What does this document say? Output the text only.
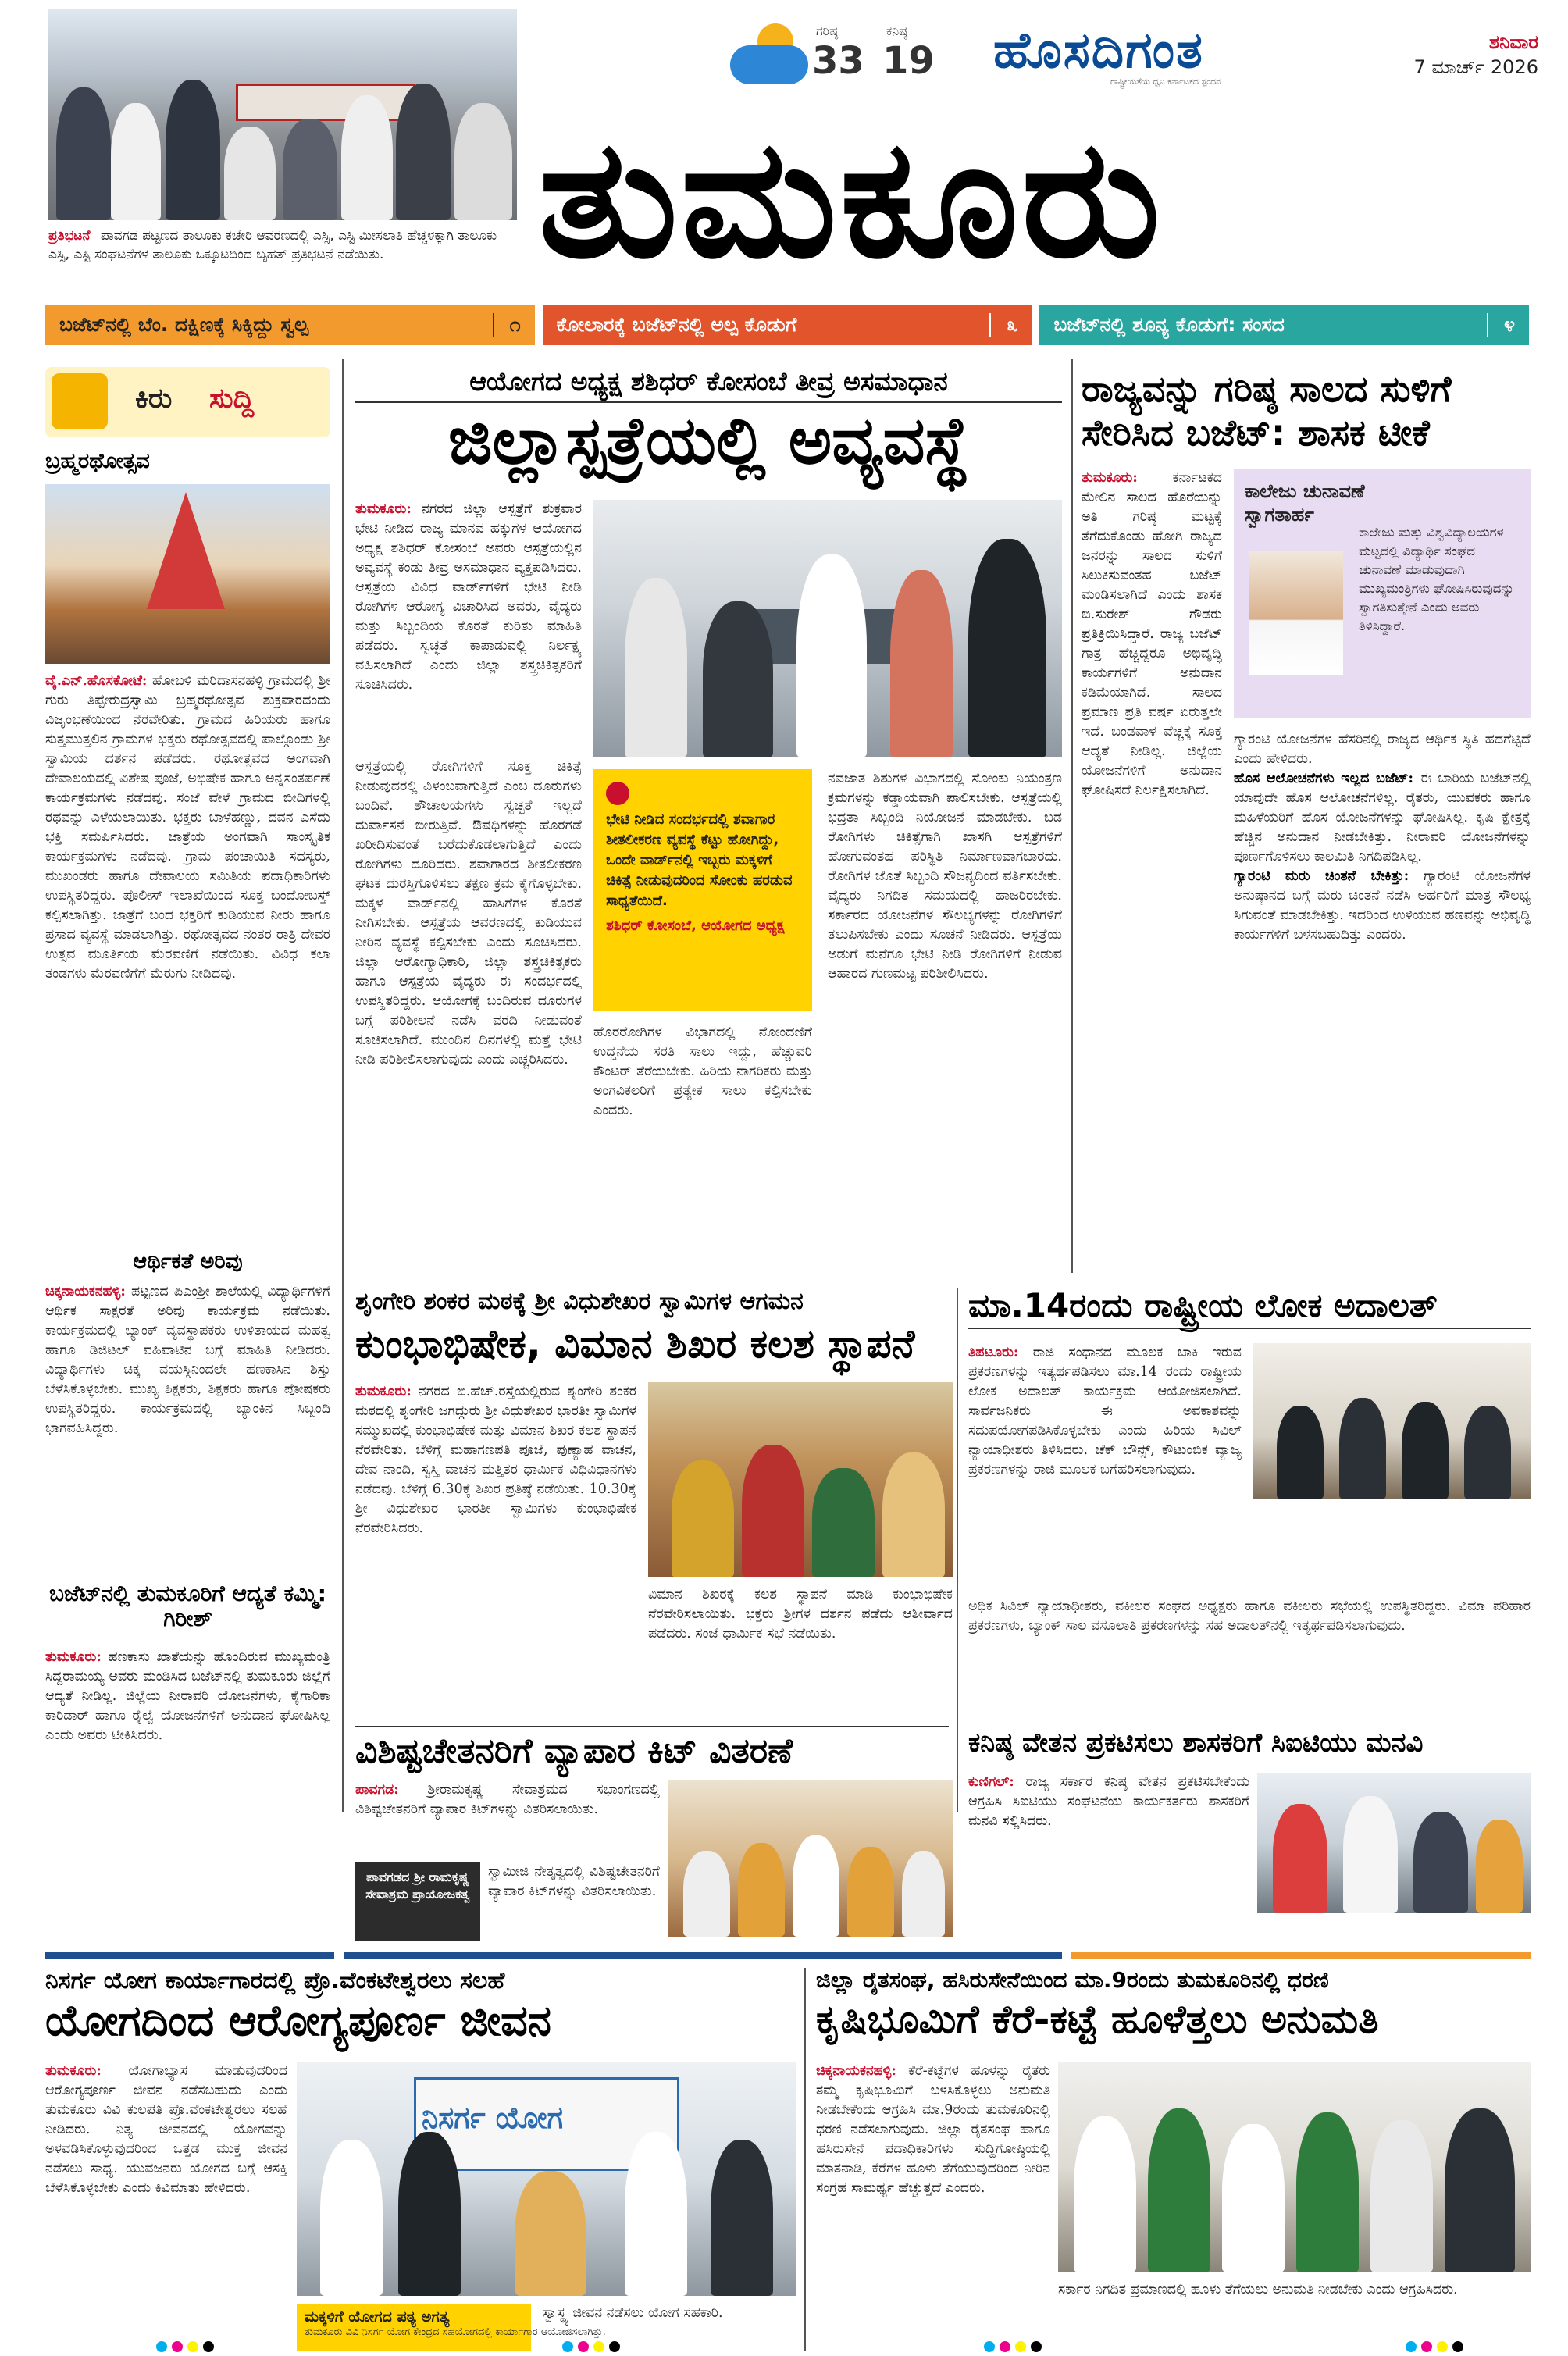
ಪ್ರತಿಭಟನೆ ಪಾವಗಡ ಪಟ್ಟಣದ ತಾಲೂಕು ಕಚೇರಿ ಆವರಣದಲ್ಲಿ ಎಸ್ಸಿ, ಎಸ್ಟಿ ಮೀಸಲಾತಿ ಹೆಚ್ಚಳಕ್ಕಾಗಿ ತಾಲೂಕು ಎಸ್ಸಿ, ಎಸ್ಟಿ ಸಂಘಟನೆಗಳ ತಾಲೂಕು ಒಕ್ಕೂಟದಿಂದ ಬೃಹತ್ ಪ್ರತಿಭಟನೆ ನಡೆಯಿತು.
ಗರಿಷ್ಠ
33
ಕನಿಷ್ಠ
19 ಹೊಸದಿಗಂತ
ರಾಷ್ಟ್ರೀಯತೆಯ ಧ್ವನಿ ಕರ್ನಾಟಕದ ಸ್ಪಂದನ
ಶನಿವಾರ
7 ಮಾರ್ಚ್ 2026
ತುಮಕೂರು
ಬಜೆಟ್‌ನಲ್ಲಿ ಬೆಂ. ದಕ್ಷಿಣಕ್ಕೆ ಸಿಕ್ಕಿದ್ದು ಸ್ವಲ್ಪ	೧ ಕೋಲಾರಕ್ಕೆ ಬಜೆಟ್‌ನಲ್ಲಿ ಅಲ್ಪ ಕೊಡುಗೆ	೩ ಬಜೆಟ್‌ನಲ್ಲಿ ಶೂನ್ಯ ಕೊಡುಗೆ: ಸಂಸದ	೪
ಕಿರು ಸುದ್ದಿ
ಬ್ರಹ್ಮರಥೋತ್ಸವ
ವೈ.ಎನ್.ಹೊಸಕೋಟೆ: ಹೋಬಳಿ ಮರಿದಾಸನಹಳ್ಳಿ ಗ್ರಾಮದಲ್ಲಿ ಶ್ರೀ ಗುರು ತಿಪ್ಪೇರುದ್ರಸ್ವಾಮಿ ಬ್ರಹ್ಮರಥೋತ್ಸವ ಶುಕ್ರವಾರದಂದು ವಿಜೃಂಭಣೆಯಿಂದ ನೆರವೇರಿತು. ಗ್ರಾಮದ ಹಿರಿಯರು ಹಾಗೂ ಸುತ್ತಮುತ್ತಲಿನ ಗ್ರಾಮಗಳ ಭಕ್ತರು ರಥೋತ್ಸವದಲ್ಲಿ ಪಾಲ್ಗೊಂಡು ಶ್ರೀ ಸ್ವಾಮಿಯ ದರ್ಶನ ಪಡೆದರು. ರಥೋತ್ಸವದ ಅಂಗವಾಗಿ ದೇವಾಲಯದಲ್ಲಿ ವಿಶೇಷ ಪೂಜೆ, ಅಭಿಷೇಕ ಹಾಗೂ ಅನ್ನಸಂತರ್ಪಣೆ ಕಾರ್ಯಕ್ರಮಗಳು ನಡೆದವು. ಸಂಜೆ ವೇಳೆ ಗ್ರಾಮದ ಬೀದಿಗಳಲ್ಲಿ ರಥವನ್ನು ಎಳೆಯಲಾಯಿತು. ಭಕ್ತರು ಬಾಳೆಹಣ್ಣು, ದವನ ಎಸೆದು ಭಕ್ತಿ ಸಮರ್ಪಿಸಿದರು. ಜಾತ್ರೆಯ ಅಂಗವಾಗಿ ಸಾಂಸ್ಕೃತಿಕ ಕಾರ್ಯಕ್ರಮಗಳು ನಡೆದವು. ಗ್ರಾಮ ಪಂಚಾಯಿತಿ ಸದಸ್ಯರು, ಮುಖಂಡರು ಹಾಗೂ ದೇವಾಲಯ ಸಮಿತಿಯ ಪದಾಧಿಕಾರಿಗಳು ಉಪಸ್ಥಿತರಿದ್ದರು. ಪೊಲೀಸ್ ಇಲಾಖೆಯಿಂದ ಸೂಕ್ತ ಬಂದೋಬಸ್ತ್ ಕಲ್ಪಿಸಲಾಗಿತ್ತು. ಜಾತ್ರೆಗೆ ಬಂದ ಭಕ್ತರಿಗೆ ಕುಡಿಯುವ ನೀರು ಹಾಗೂ ಪ್ರಸಾದ ವ್ಯವಸ್ಥೆ ಮಾಡಲಾಗಿತ್ತು. ರಥೋತ್ಸವದ ನಂತರ ರಾತ್ರಿ ದೇವರ ಉತ್ಸವ ಮೂರ್ತಿಯ ಮೆರವಣಿಗೆ ನಡೆಯಿತು. ವಿವಿಧ ಕಲಾ ತಂಡಗಳು ಮೆರವಣಿಗೆಗೆ ಮೆರುಗು ನೀಡಿದವು.
ಆರ್ಥಿಕತೆ ಅರಿವು
ಚಿಕ್ಕನಾಯಕನಹಳ್ಳಿ: ಪಟ್ಟಣದ ಪಿಎಂಶ್ರೀ ಶಾಲೆಯಲ್ಲಿ ವಿದ್ಯಾರ್ಥಿಗಳಿಗೆ ಆರ್ಥಿಕ ಸಾಕ್ಷರತೆ ಅರಿವು ಕಾರ್ಯಕ್ರಮ ನಡೆಯಿತು. ಕಾರ್ಯಕ್ರಮದಲ್ಲಿ ಬ್ಯಾಂಕ್ ವ್ಯವಸ್ಥಾಪಕರು ಉಳಿತಾಯದ ಮಹತ್ವ ಹಾಗೂ ಡಿಜಿಟಲ್ ವಹಿವಾಟಿನ ಬಗ್ಗೆ ಮಾಹಿತಿ ನೀಡಿದರು. ವಿದ್ಯಾರ್ಥಿಗಳು ಚಿಕ್ಕ ವಯಸ್ಸಿನಿಂದಲೇ ಹಣಕಾಸಿನ ಶಿಸ್ತು ಬೆಳೆಸಿಕೊಳ್ಳಬೇಕು. ಮುಖ್ಯ ಶಿಕ್ಷಕರು, ಶಿಕ್ಷಕರು ಹಾಗೂ ಪೋಷಕರು ಉಪಸ್ಥಿತರಿದ್ದರು. ಕಾರ್ಯಕ್ರಮದಲ್ಲಿ ಬ್ಯಾಂಕಿನ ಸಿಬ್ಬಂದಿ ಭಾಗವಹಿಸಿದ್ದರು.
ಬಜೆಟ್‌ನಲ್ಲಿ ತುಮಕೂರಿಗೆ ಆದ್ಯತೆ ಕಮ್ಮಿ: ಗಿರೀಶ್
ತುಮಕೂರು: ಹಣಕಾಸು ಖಾತೆಯನ್ನು ಹೊಂದಿರುವ ಮುಖ್ಯಮಂತ್ರಿ ಸಿದ್ದರಾಮಯ್ಯ ಅವರು ಮಂಡಿಸಿದ ಬಜೆಟ್‌ನಲ್ಲಿ ತುಮಕೂರು ಜಿಲ್ಲೆಗೆ ಆದ್ಯತೆ ನೀಡಿಲ್ಲ. ಜಿಲ್ಲೆಯ ನೀರಾವರಿ ಯೋಜನೆಗಳು, ಕೈಗಾರಿಕಾ ಕಾರಿಡಾರ್ ಹಾಗೂ ರೈಲ್ವೆ ಯೋಜನೆಗಳಿಗೆ ಅನುದಾನ ಘೋಷಿಸಿಲ್ಲ ಎಂದು ಅವರು ಟೀಕಿಸಿದರು.
ಆಯೋಗದ ಅಧ್ಯಕ್ಷ ಶಶಿಧರ್ ಕೋಸಂಬೆ ತೀವ್ರ ಅಸಮಾಧಾನ
ಜಿಲ್ಲಾಸ್ಪತ್ರೆಯಲ್ಲಿ ಅವ್ಯವಸ್ಥೆ
ತುಮಕೂರು: ನಗರದ ಜಿಲ್ಲಾ ಆಸ್ಪತ್ರೆಗೆ ಶುಕ್ರವಾರ ಭೇಟಿ ನೀಡಿದ ರಾಜ್ಯ ಮಾನವ ಹಕ್ಕುಗಳ ಆಯೋಗದ ಅಧ್ಯಕ್ಷ ಶಶಿಧರ್ ಕೋಸಂಬೆ ಅವರು ಆಸ್ಪತ್ರೆಯಲ್ಲಿನ ಅವ್ಯವಸ್ಥೆ ಕಂಡು ತೀವ್ರ ಅಸಮಾಧಾನ ವ್ಯಕ್ತಪಡಿಸಿದರು. ಆಸ್ಪತ್ರೆಯ ವಿವಿಧ ವಾರ್ಡ್‌ಗಳಿಗೆ ಭೇಟಿ ನೀಡಿ ರೋಗಿಗಳ ಆರೋಗ್ಯ ವಿಚಾರಿಸಿದ ಅವರು, ವೈದ್ಯರು ಮತ್ತು ಸಿಬ್ಬಂದಿಯ ಕೊರತೆ ಕುರಿತು ಮಾಹಿತಿ ಪಡೆದರು. ಸ್ವಚ್ಛತೆ ಕಾಪಾಡುವಲ್ಲಿ ನಿರ್ಲಕ್ಷ್ಯ ವಹಿಸಲಾಗಿದೆ ಎಂದು ಜಿಲ್ಲಾ ಶಸ್ತ್ರಚಿಕಿತ್ಸಕರಿಗೆ ಸೂಚಿಸಿದರು.
ಆಸ್ಪತ್ರೆಯಲ್ಲಿ ರೋಗಿಗಳಿಗೆ ಸೂಕ್ತ ಚಿಕಿತ್ಸೆ ನೀಡುವುದರಲ್ಲಿ ವಿಳಂಬವಾಗುತ್ತಿದೆ ಎಂಬ ದೂರುಗಳು ಬಂದಿವೆ. ಶೌಚಾಲಯಗಳು ಸ್ವಚ್ಛತೆ ಇಲ್ಲದೆ ದುರ್ವಾಸನೆ ಬೀರುತ್ತಿವೆ. ಔಷಧಿಗಳನ್ನು ಹೊರಗಡೆ ಖರೀದಿಸುವಂತೆ ಬರೆದುಕೊಡಲಾಗುತ್ತಿದೆ ಎಂದು ರೋಗಿಗಳು ದೂರಿದರು. ಶವಾಗಾರದ ಶೀತಲೀಕರಣ ಘಟಕ ದುರಸ್ತಿಗೊಳಿಸಲು ತಕ್ಷಣ ಕ್ರಮ ಕೈಗೊಳ್ಳಬೇಕು. ಮಕ್ಕಳ ವಾರ್ಡ್‌ನಲ್ಲಿ ಹಾಸಿಗೆಗಳ ಕೊರತೆ ನೀಗಿಸಬೇಕು. ಆಸ್ಪತ್ರೆಯ ಆವರಣದಲ್ಲಿ ಕುಡಿಯುವ ನೀರಿನ ವ್ಯವಸ್ಥೆ ಕಲ್ಪಿಸಬೇಕು ಎಂದು ಸೂಚಿಸಿದರು. ಜಿಲ್ಲಾ ಆರೋಗ್ಯಾಧಿಕಾರಿ, ಜಿಲ್ಲಾ ಶಸ್ತ್ರಚಿಕಿತ್ಸಕರು ಹಾಗೂ ಆಸ್ಪತ್ರೆಯ ವೈದ್ಯರು ಈ ಸಂದರ್ಭದಲ್ಲಿ ಉಪಸ್ಥಿತರಿದ್ದರು. ಆಯೋಗಕ್ಕೆ ಬಂದಿರುವ ದೂರುಗಳ ಬಗ್ಗೆ ಪರಿಶೀಲನೆ ನಡೆಸಿ ವರದಿ ನೀಡುವಂತೆ ಸೂಚಿಸಲಾಗಿದೆ. ಮುಂದಿನ ದಿನಗಳಲ್ಲಿ ಮತ್ತೆ ಭೇಟಿ ನೀಡಿ ಪರಿಶೀಲಿಸಲಾಗುವುದು ಎಂದು ಎಚ್ಚರಿಸಿದರು.
ಭೇಟಿ ನೀಡಿದ ಸಂದರ್ಭದಲ್ಲಿ ಶವಾಗಾರ ಶೀತಲೀಕರಣ ವ್ಯವಸ್ಥೆ ಕೆಟ್ಟು ಹೋಗಿದ್ದು, ಒಂದೇ ವಾರ್ಡ್‌ನಲ್ಲಿ ಇಬ್ಬರು ಮಕ್ಕಳಿಗೆ ಚಿಕಿತ್ಸೆ ನೀಡುವುದರಿಂದ ಸೋಂಕು ಹರಡುವ ಸಾಧ್ಯತೆಯಿದೆ.
ಶಶಿಧರ್ ಕೋಸಂಬೆ, ಆಯೋಗದ ಅಧ್ಯಕ್ಷ
ನವಜಾತ ಶಿಶುಗಳ ವಿಭಾಗದಲ್ಲಿ ಸೋಂಕು ನಿಯಂತ್ರಣ ಕ್ರಮಗಳನ್ನು ಕಡ್ಡಾಯವಾಗಿ ಪಾಲಿಸಬೇಕು. ಆಸ್ಪತ್ರೆಯಲ್ಲಿ ಭದ್ರತಾ ಸಿಬ್ಬಂದಿ ನಿಯೋಜನೆ ಮಾಡಬೇಕು. ಬಡ ರೋಗಿಗಳು ಚಿಕಿತ್ಸೆಗಾಗಿ ಖಾಸಗಿ ಆಸ್ಪತ್ರೆಗಳಿಗೆ ಹೋಗುವಂತಹ ಪರಿಸ್ಥಿತಿ ನಿರ್ಮಾಣವಾಗಬಾರದು. ರೋಗಿಗಳ ಜೊತೆ ಸಿಬ್ಬಂದಿ ಸೌಜನ್ಯದಿಂದ ವರ್ತಿಸಬೇಕು. ವೈದ್ಯರು ನಿಗದಿತ ಸಮಯದಲ್ಲಿ ಹಾಜರಿರಬೇಕು. ಸರ್ಕಾರದ ಯೋಜನೆಗಳ ಸೌಲಭ್ಯಗಳನ್ನು ರೋಗಿಗಳಿಗೆ ತಲುಪಿಸಬೇಕು ಎಂದು ಸೂಚನೆ ನೀಡಿದರು. ಆಸ್ಪತ್ರೆಯ ಅಡುಗೆ ಮನೆಗೂ ಭೇಟಿ ನೀಡಿ ರೋಗಿಗಳಿಗೆ ನೀಡುವ ಆಹಾರದ ಗುಣಮಟ್ಟ ಪರಿಶೀಲಿಸಿದರು.
ಹೊರರೋಗಿಗಳ ವಿಭಾಗದಲ್ಲಿ ನೋಂದಣಿಗೆ ಉದ್ದನೆಯ ಸರತಿ ಸಾಲು ಇದ್ದು, ಹೆಚ್ಚುವರಿ ಕೌಂಟರ್ ತೆರೆಯಬೇಕು. ಹಿರಿಯ ನಾಗರಿಕರು ಮತ್ತು ಅಂಗವಿಕಲರಿಗೆ ಪ್ರತ್ಯೇಕ ಸಾಲು ಕಲ್ಪಿಸಬೇಕು ಎಂದರು.
ರಾಜ್ಯವನ್ನು ಗರಿಷ್ಠ ಸಾಲದ ಸುಳಿಗೆ ಸೇರಿಸಿದ ಬಜೆಟ್: ಶಾಸಕ ಟೀಕೆ
ತುಮಕೂರು:	ಕರ್ನಾಟಕದ ಮೇಲಿನ ಸಾಲದ ಹೊರೆಯನ್ನು ಅತಿ ಗರಿಷ್ಠ ಮಟ್ಟಕ್ಕೆ ತೆಗೆದುಕೊಂಡು ಹೋಗಿ ರಾಜ್ಯದ ಜನರನ್ನು ಸಾಲದ ಸುಳಿಗೆ ಸಿಲುಕಿಸುವಂತಹ ಬಜೆಟ್ ಮಂಡಿಸಲಾಗಿದೆ ಎಂದು ಶಾಸಕ ಬಿ.ಸುರೇಶ್ ಗೌಡರು ಪ್ರತಿಕ್ರಿಯಿಸಿದ್ದಾರೆ. ರಾಜ್ಯ ಬಜೆಟ್ ಗಾತ್ರ ಹೆಚ್ಚಿದ್ದರೂ ಅಭಿವೃದ್ಧಿ ಕಾರ್ಯಗಳಿಗೆ ಅನುದಾನ ಕಡಿಮೆಯಾಗಿದೆ. ಸಾಲದ ಪ್ರಮಾಣ ಪ್ರತಿ ವರ್ಷ ಏರುತ್ತಲೇ ಇದೆ. ಬಂಡವಾಳ ವೆಚ್ಚಕ್ಕೆ ಸೂಕ್ತ ಆದ್ಯತೆ ನೀಡಿಲ್ಲ. ಜಿಲ್ಲೆಯ ಯೋಜನೆಗಳಿಗೆ ಅನುದಾನ ಘೋಷಿಸದೆ ನಿರ್ಲಕ್ಷಿಸಲಾಗಿದೆ.
ಕಾಲೇಜು ಚುನಾವಣೆ ಸ್ವಾಗತಾರ್ಹ
ಕಾಲೇಜು ಮತ್ತು ವಿಶ್ವವಿದ್ಯಾಲಯಗಳ ಮಟ್ಟದಲ್ಲಿ ವಿದ್ಯಾರ್ಥಿ ಸಂಘದ ಚುನಾವಣೆ ಮಾಡುವುದಾಗಿ ಮುಖ್ಯಮಂತ್ರಿಗಳು ಘೋಷಿಸಿರುವುದನ್ನು ಸ್ವಾಗತಿಸುತ್ತೇನೆ ಎಂದು ಅವರು ತಿಳಿಸಿದ್ದಾರೆ.
ಗ್ಯಾರಂಟಿ ಯೋಜನೆಗಳ ಹೆಸರಿನಲ್ಲಿ ರಾಜ್ಯದ ಆರ್ಥಿಕ ಸ್ಥಿತಿ ಹದಗೆಟ್ಟಿದೆ ಎಂದು ಹೇಳಿದರು.
ಹೊಸ ಆಲೋಚನೆಗಳು ಇಲ್ಲದ ಬಜೆಟ್: ಈ ಬಾರಿಯ ಬಜೆಟ್‌ನಲ್ಲಿ ಯಾವುದೇ ಹೊಸ ಆಲೋಚನೆಗಳಿಲ್ಲ. ರೈತರು, ಯುವಕರು ಹಾಗೂ ಮಹಿಳೆಯರಿಗೆ ಹೊಸ ಯೋಜನೆಗಳನ್ನು ಘೋಷಿಸಿಲ್ಲ. ಕೃಷಿ ಕ್ಷೇತ್ರಕ್ಕೆ ಹೆಚ್ಚಿನ ಅನುದಾನ ನೀಡಬೇಕಿತ್ತು. ನೀರಾವರಿ ಯೋಜನೆಗಳನ್ನು ಪೂರ್ಣಗೊಳಿಸಲು ಕಾಲಮಿತಿ ನಿಗದಿಪಡಿಸಿಲ್ಲ.
ಗ್ಯಾರಂಟಿ ಮರು ಚಿಂತನೆ ಬೇಕಿತ್ತು: ಗ್ಯಾರಂಟಿ ಯೋಜನೆಗಳ ಅನುಷ್ಠಾನದ ಬಗ್ಗೆ ಮರು ಚಿಂತನೆ ನಡೆಸಿ ಅರ್ಹರಿಗೆ ಮಾತ್ರ ಸೌಲಭ್ಯ ಸಿಗುವಂತೆ ಮಾಡಬೇಕಿತ್ತು. ಇದರಿಂದ ಉಳಿಯುವ ಹಣವನ್ನು ಅಭಿವೃದ್ಧಿ ಕಾರ್ಯಗಳಿಗೆ ಬಳಸಬಹುದಿತ್ತು ಎಂದರು.
ಶೃಂಗೇರಿ ಶಂಕರ ಮಠಕ್ಕೆ ಶ್ರೀ ವಿಧುಶೇಖರ ಸ್ವಾಮಿಗಳ ಆಗಮನ
ಕುಂಭಾಭಿಷೇಕ, ವಿಮಾನ ಶಿಖರ ಕಲಶ ಸ್ಥಾಪನೆ
ತುಮಕೂರು: ನಗರದ ಬಿ.ಹೆಚ್.ರಸ್ತೆಯಲ್ಲಿರುವ ಶೃಂಗೇರಿ ಶಂಕರ ಮಠದಲ್ಲಿ ಶೃಂಗೇರಿ ಜಗದ್ಗುರು ಶ್ರೀ ವಿಧುಶೇಖರ ಭಾರತೀ ಸ್ವಾಮಿಗಳ ಸಮ್ಮುಖದಲ್ಲಿ ಕುಂಭಾಭಿಷೇಕ ಮತ್ತು ವಿಮಾನ ಶಿಖರ ಕಲಶ ಸ್ಥಾಪನೆ ನೆರವೇರಿತು. ಬೆಳಿಗ್ಗೆ ಮಹಾಗಣಪತಿ ಪೂಜೆ, ಪುಣ್ಯಾಹ ವಾಚನ, ದೇವ ನಾಂದಿ, ಸ್ವಸ್ತಿ ವಾಚನ ಮತ್ತಿತರ ಧಾರ್ಮಿಕ ವಿಧಿವಿಧಾನಗಳು ನಡೆದವು. ಬೆಳಿಗ್ಗೆ 6.30ಕ್ಕೆ ಶಿಖರ ಪ್ರತಿಷ್ಠೆ ನಡೆಯಿತು. 10.30ಕ್ಕೆ ಶ್ರೀ ವಿಧುಶೇಖರ ಭಾರತೀ ಸ್ವಾಮಿಗಳು ಕುಂಭಾಭಿಷೇಕ ನೆರವೇರಿಸಿದರು.
ವಿಮಾನ ಶಿಖರಕ್ಕೆ ಕಲಶ ಸ್ಥಾಪನೆ ಮಾಡಿ ಕುಂಭಾಭಿಷೇಕ ನೆರವೇರಿಸಲಾಯಿತು. ಭಕ್ತರು ಶ್ರೀಗಳ ದರ್ಶನ ಪಡೆದು ಆಶೀರ್ವಾದ ಪಡೆದರು. ಸಂಜೆ ಧಾರ್ಮಿಕ ಸಭೆ ನಡೆಯಿತು.
ಮಾ.14ರಂದು ರಾಷ್ಟ್ರೀಯ ಲೋಕ ಅದಾಲತ್
ತಿಪಟೂರು: ರಾಜಿ ಸಂಧಾನದ ಮೂಲಕ ಬಾಕಿ ಇರುವ ಪ್ರಕರಣಗಳನ್ನು ಇತ್ಯರ್ಥಪಡಿಸಲು ಮಾ.14 ರಂದು ರಾಷ್ಟ್ರೀಯ ಲೋಕ ಅದಾಲತ್ ಕಾರ್ಯಕ್ರಮ ಆಯೋಜಿಸಲಾಗಿದೆ. ಸಾರ್ವಜನಿಕರು ಈ ಅವಕಾಶವನ್ನು ಸದುಪಯೋಗಪಡಿಸಿಕೊಳ್ಳಬೇಕು ಎಂದು ಹಿರಿಯ ಸಿವಿಲ್ ನ್ಯಾಯಾಧೀಶರು ತಿಳಿಸಿದರು. ಚೆಕ್ ಬೌನ್ಸ್, ಕೌಟುಂಬಿಕ ವ್ಯಾಜ್ಯ ಪ್ರಕರಣಗಳನ್ನು ರಾಜಿ ಮೂಲಕ ಬಗೆಹರಿಸಲಾಗುವುದು.
ಅಧಿಕ ಸಿವಿಲ್ ನ್ಯಾಯಾಧೀಶರು, ವಕೀಲರ ಸಂಘದ ಅಧ್ಯಕ್ಷರು ಹಾಗೂ ವಕೀಲರು ಸಭೆಯಲ್ಲಿ ಉಪಸ್ಥಿತರಿದ್ದರು. ವಿಮಾ ಪರಿಹಾರ ಪ್ರಕರಣಗಳು, ಬ್ಯಾಂಕ್ ಸಾಲ ವಸೂಲಾತಿ ಪ್ರಕರಣಗಳನ್ನು ಸಹ ಅದಾಲತ್‌ನಲ್ಲಿ ಇತ್ಯರ್ಥಪಡಿಸಲಾಗುವುದು.
ವಿಶಿಷ್ಟಚೇತನರಿಗೆ ವ್ಯಾಪಾರ ಕಿಟ್ ವಿತರಣೆ
ಪಾವಗಡ: ಶ್ರೀರಾಮಕೃಷ್ಣ ಸೇವಾಶ್ರಮದ ಸಭಾಂಗಣದಲ್ಲಿ ವಿಶಿಷ್ಟಚೇತನರಿಗೆ ವ್ಯಾಪಾರ ಕಿಟ್‌ಗಳನ್ನು ವಿತರಿಸಲಾಯಿತು.
ಪಾವಗಡದ ಶ್ರೀ ರಾಮಕೃಷ್ಣ ಸೇವಾಶ್ರಮ ಪ್ರಾಯೋಜಕತ್ವ
ಸ್ವಾಮೀಜಿ ನೇತೃತ್ವದಲ್ಲಿ ವಿಶಿಷ್ಟಚೇತನರಿಗೆ ವ್ಯಾಪಾರ ಕಿಟ್‌ಗಳನ್ನು ವಿತರಿಸಲಾಯಿತು.
ಕನಿಷ್ಠ ವೇತನ ಪ್ರಕಟಿಸಲು ಶಾಸಕರಿಗೆ ಸಿಐಟಿಯು ಮನವಿ
ಕುಣಿಗಲ್: ರಾಜ್ಯ ಸರ್ಕಾರ ಕನಿಷ್ಠ ವೇತನ ಪ್ರಕಟಿಸಬೇಕೆಂದು ಆಗ್ರಹಿಸಿ ಸಿಐಟಿಯು ಸಂಘಟನೆಯ ಕಾರ್ಯಕರ್ತರು ಶಾಸಕರಿಗೆ ಮನವಿ ಸಲ್ಲಿಸಿದರು.
ನಿಸರ್ಗ ಯೋಗ ಕಾರ್ಯಾಗಾರದಲ್ಲಿ ಪ್ರೊ.ವೆಂಕಟೇಶ್ವರಲು ಸಲಹೆ
ಯೋಗದಿಂದ ಆರೋಗ್ಯಪೂರ್ಣ ಜೀವನ
ತುಮಕೂರು: ಯೋಗಾಭ್ಯಾಸ ಮಾಡುವುದರಿಂದ ಆರೋಗ್ಯಪೂರ್ಣ ಜೀವನ ನಡೆಸಬಹುದು ಎಂದು ತುಮಕೂರು ವಿವಿ ಕುಲಪತಿ ಪ್ರೊ.ವೆಂಕಟೇಶ್ವರಲು ಸಲಹೆ ನೀಡಿದರು. ನಿತ್ಯ ಜೀವನದಲ್ಲಿ ಯೋಗವನ್ನು ಅಳವಡಿಸಿಕೊಳ್ಳುವುದರಿಂದ ಒತ್ತಡ ಮುಕ್ತ ಜೀವನ ನಡೆಸಲು ಸಾಧ್ಯ. ಯುವಜನರು ಯೋಗದ ಬಗ್ಗೆ ಆಸಕ್ತಿ ಬೆಳೆಸಿಕೊಳ್ಳಬೇಕು ಎಂದು ಕಿವಿಮಾತು ಹೇಳಿದರು.
ನಿಸರ್ಗ ಯೋಗ
ಮಕ್ಕಳಿಗೆ ಯೋಗದ ಪಠ್ಯ ಅಗತ್ಯ
ತುಮಕೂರು ವಿವಿ ನಿಸರ್ಗ ಯೋಗ ಕೇಂದ್ರದ ಸಹಯೋಗದಲ್ಲಿ ಕಾರ್ಯಾಗಾರ ಆಯೋಜಿಸಲಾಗಿತ್ತು.
ಸ್ವಾಸ್ಥ್ಯ ಜೀವನ ನಡೆಸಲು ಯೋಗ ಸಹಕಾರಿ.
ಜಿಲ್ಲಾ ರೈತಸಂಘ, ಹಸಿರುಸೇನೆಯಿಂದ ಮಾ.9ರಂದು ತುಮಕೂರಿನಲ್ಲಿ ಧರಣಿ
ಕೃಷಿಭೂಮಿಗೆ ಕೆರೆ-ಕಟ್ಟೆ ಹೂಳೆತ್ತಲು ಅನುಮತಿ
ಚಿಕ್ಕನಾಯಕನಹಳ್ಳಿ: ಕೆರೆ-ಕಟ್ಟೆಗಳ ಹೂಳನ್ನು ರೈತರು ತಮ್ಮ ಕೃಷಿಭೂಮಿಗೆ ಬಳಸಿಕೊಳ್ಳಲು ಅನುಮತಿ ನೀಡಬೇಕೆಂದು ಆಗ್ರಹಿಸಿ ಮಾ.9ರಂದು ತುಮಕೂರಿನಲ್ಲಿ ಧರಣಿ ನಡೆಸಲಾಗುವುದು. ಜಿಲ್ಲಾ ರೈತಸಂಘ ಹಾಗೂ ಹಸಿರುಸೇನೆ ಪದಾಧಿಕಾರಿಗಳು ಸುದ್ದಿಗೋಷ್ಠಿಯಲ್ಲಿ ಮಾತನಾಡಿ, ಕೆರೆಗಳ ಹೂಳು ತೆಗೆಯುವುದರಿಂದ ನೀರಿನ ಸಂಗ್ರಹ ಸಾಮರ್ಥ್ಯ ಹೆಚ್ಚುತ್ತದೆ ಎಂದರು.
ಸರ್ಕಾರ ನಿಗದಿತ ಪ್ರಮಾಣದಲ್ಲಿ ಹೂಳು ತೆಗೆಯಲು ಅನುಮತಿ ನೀಡಬೇಕು ಎಂದು ಆಗ್ರಹಿಸಿದರು.
